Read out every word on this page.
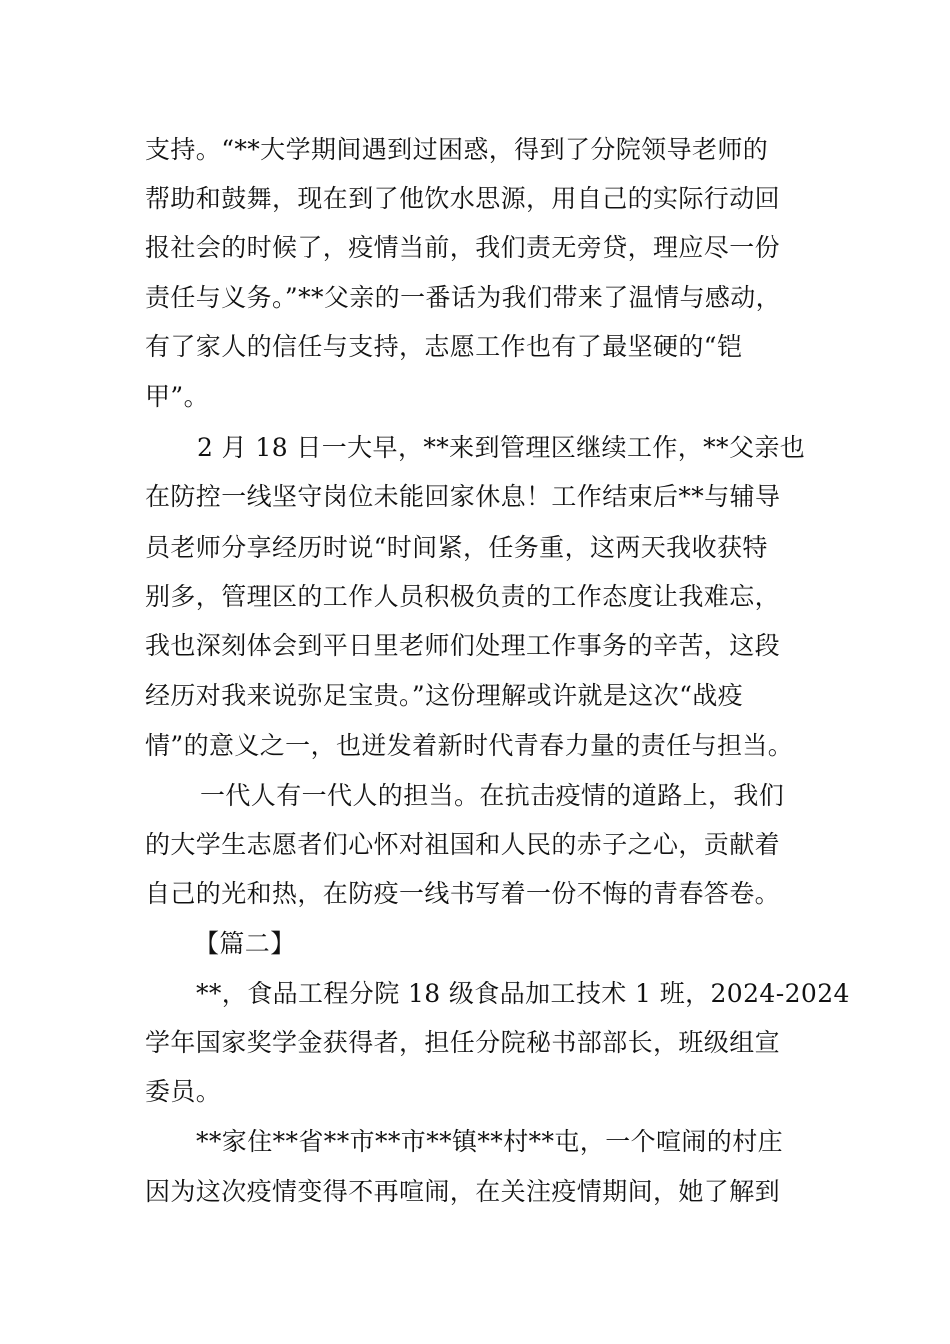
支持。“**大学期间遇到过困惑，得到了分院领导老师的
帮助和鼓舞，现在到了他饮水思源，用自己的实际行动回
报社会的时候了，疫情当前，我们责无旁贷，理应尽一份
责任与义务。”**父亲的一番话为我们带来了温情与感动，
有了家人的信任与支持，志愿工作也有了最坚硬的“铠
甲”。
2 月 18 日一大早，**来到管理区继续工作，**父亲也
在防控一线坚守岗位未能回家休息！工作结束后**与辅导
员老师分享经历时说“时间紧，任务重，这两天我收获特
别多，管理区的工作人员积极负责的工作态度让我难忘，
我也深刻体会到平日里老师们处理工作事务的辛苦，这段
经历对我来说弥足宝贵。”这份理解或许就是这次“战疫
情”的意义之一，也迸发着新时代青春力量的责任与担当。
一代人有一代人的担当。在抗击疫情的道路上，我们
的大学生志愿者们心怀对祖国和人民的赤子之心，贡献着
自己的光和热，在防疫一线书写着一份不悔的青春答卷。
【篇二】
**，食品工程分院 18 级食品加工技术 1 班，2024-2024
学年国家奖学金获得者，担任分院秘书部部长，班级组宣
委员。
**家住**省**市**市**镇**村**屯，一个喧闹的村庄
因为这次疫情变得不再喧闹，在关注疫情期间，她了解到
